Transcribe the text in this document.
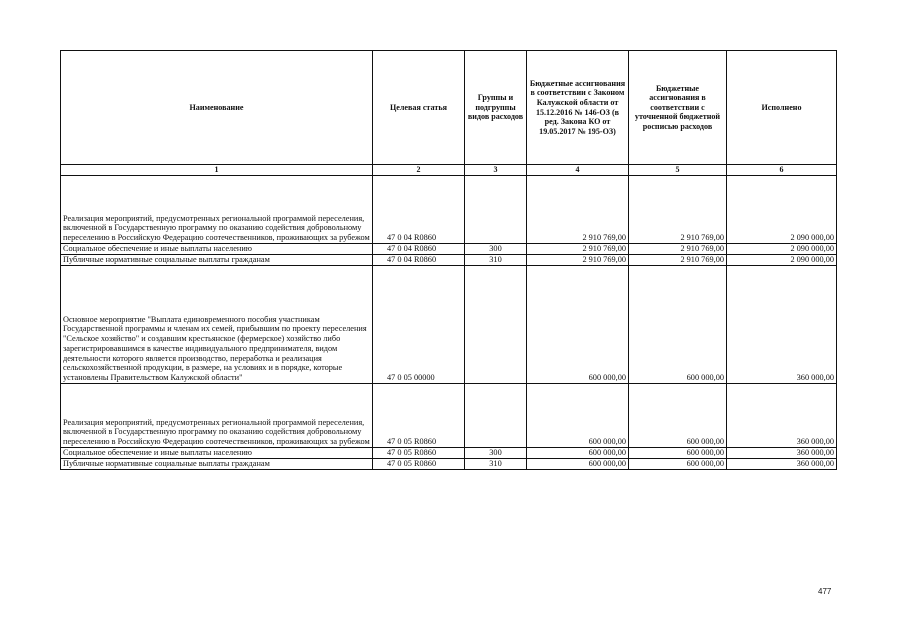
Наименование	Целевая статья	Группы и подгруппы видов расходов	Бюджетные ассигнования в соответствии с Законом Калужской области от 15.12.2016 № 146-ОЗ (в ред. Закона КО от 19.05.2017 № 195-ОЗ)	Бюджетные ассигнования в соответствии с уточненной бюджетной росписью расходов	Исполнено
1	2	3	4	5	6
Реализация мероприятий, предусмотренных региональной программой переселения, включенной в Государственную программу по оказанию содействия добровольному переселению в Российскую Федерацию соотечественников, проживающих за рубежом	47 0 04 R0860		2 910 769,00	2 910 769,00	2 090 000,00
Социальное обеспечение и иные выплаты населению	47 0 04 R0860	300	2 910 769,00	2 910 769,00	2 090 000,00
Публичные нормативные социальные выплаты гражданам	47 0 04 R0860	310	2 910 769,00	2 910 769,00	2 090 000,00
Основное мероприятие "Выплата единовременного пособия участникам Государственной программы и членам их семей, прибывшим по проекту переселения "Сельское хозяйство" и создавшим крестьянское (фермерское) хозяйство либо зарегистрировавшимся в качестве индивидуального предпринимателя, видом деятельности которого является производство, переработка и реализация сельскохозяйственной продукции, в размере, на условиях и в порядке, которые установлены Правительством Калужской области"	47 0 05 00000		600 000,00	600 000,00	360 000,00
Реализация мероприятий, предусмотренных региональной программой переселения, включенной в Государственную программу по оказанию содействия добровольному переселению в Российскую Федерацию соотечественников, проживающих за рубежом	47 0 05 R0860		600 000,00	600 000,00	360 000,00
Социальное обеспечение и иные выплаты населению	47 0 05 R0860	300	600 000,00	600 000,00	360 000,00
Публичные нормативные социальные выплаты гражданам	47 0 05 R0860	310	600 000,00	600 000,00	360 000,00
477
